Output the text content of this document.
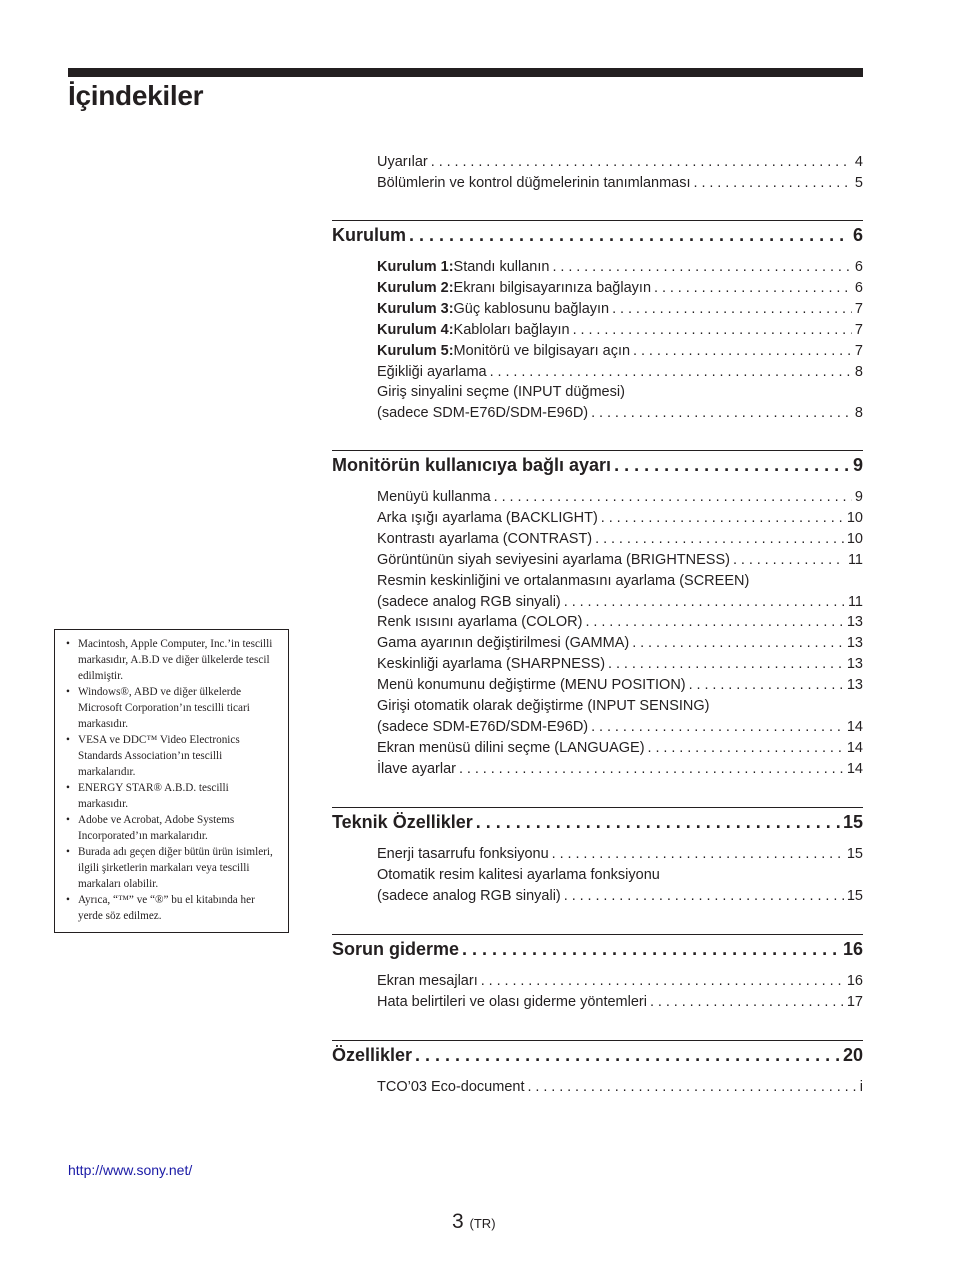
İçindekiler
Uyarılar .....	4
Bölümlerin ve kontrol düğmelerinin tanımlanması .....	5
Kurulum . . .	6
Kurulum 1: Standı kullanın .....	6
Kurulum 2: Ekranı bilgisayarınıza bağlayın .....	6
Kurulum 3: Güç kablosunu bağlayın .....	7
Kurulum 4: Kabloları bağlayın .....	7
Kurulum 5: Monitörü ve bilgisayarı açın .....	7
Eğikliği ayarlama .....	8
Giriş sinyalini seçme (INPUT düğmesi)
(sadece SDM-E76D/SDM-E96D) .....	8
Monitörün kullanıcıya bağlı ayarı . . .	9
Menüyü kullanma .....	9
Arka ışığı ayarlama (BACKLIGHT) .....	10
Kontrastı ayarlama (CONTRAST) .....	10
Görüntünün siyah seviyesini ayarlama (BRIGHTNESS) .....	11
Resmin keskinliğini ve ortalanmasını ayarlama (SCREEN)
(sadece analog RGB sinyali) .....	11
Renk ısısını ayarlama (COLOR) .....	13
Gama ayarının değiştirilmesi (GAMMA) .....	13
Keskinliği ayarlama (SHARPNESS) .....	13
Menü konumunu değiştirme (MENU POSITION) .....	13
Girişi otomatik olarak değiştirme (INPUT SENSING)
(sadece SDM-E76D/SDM-E96D) .....	14
Ekran menüsü dilini seçme (LANGUAGE) .....	14
İlave ayarlar .....	14
Teknik Özellikler . . .	15
Enerji tasarrufu fonksiyonu .....	15
Otomatik resim kalitesi ayarlama fonksiyonu
(sadece analog RGB sinyali) .....	15
Sorun giderme . . .	16
Ekran mesajları .....	16
Hata belirtileri ve olası giderme yöntemleri .....	17
Özellikler . . .	20
TCO’03 Eco-document .....	i
• Macintosh, Apple Computer, Inc.’in tescilli markasıdır, A.B.D ve diğer ülkelerde tescil edilmiştir.
• Windows®, ABD ve diğer ülkelerde Microsoft Corporation’ın tescilli ticari markasıdır.
• VESA ve DDC™ Video Electronics Standards Association’ın tescilli markalarıdır.
• ENERGY STAR® A.B.D. tescilli markasıdır.
• Adobe ve Acrobat, Adobe Systems Incorporated’ın markalarıdır.
• Burada adı geçen diğer bütün ürün isimleri, ilgili şirketlerin markaları veya tescilli markaları olabilir.
• Ayrıca, “™” ve “®” bu el kitabında her yerde söz edilmez.
http://www.sony.net/
3 (TR)
